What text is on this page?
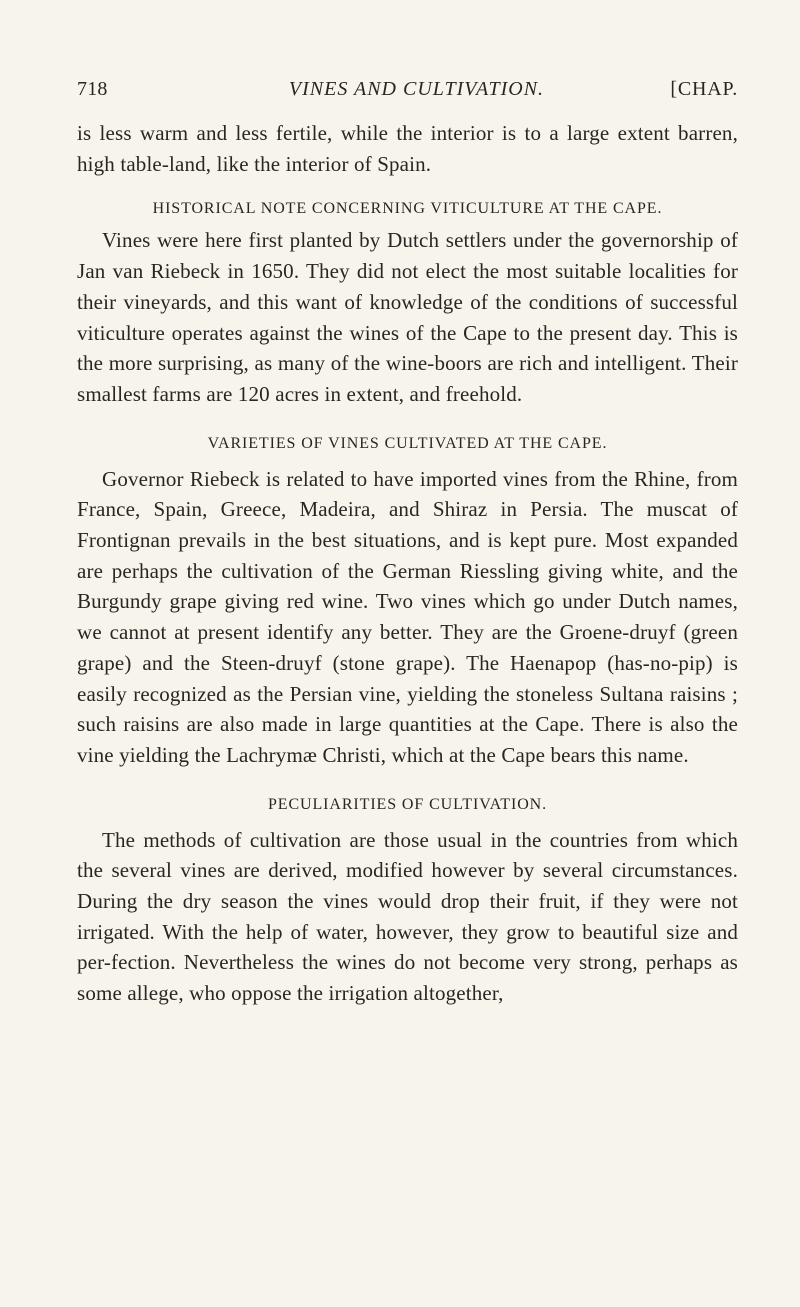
718	VINES AND CULTIVATION.	[CHAP.

is less warm and less fertile, while the interior is to a large extent barren, high table-land, like the interior of Spain.

HISTORICAL NOTE CONCERNING VITICULTURE AT THE CAPE.

Vines were here first planted by Dutch settlers under the governorship of Jan van Riebeck in 1650. They did not elect the most suitable localities for their vineyards, and this want of knowledge of the conditions of successful viticulture operates against the wines of the Cape to the present day. This is the more surprising, as many of the wine-boors are rich and intelligent. Their smallest farms are 120 acres in extent, and freehold.

VARIETIES OF VINES CULTIVATED AT THE CAPE.

Governor Riebeck is related to have imported vines from the Rhine, from France, Spain, Greece, Madeira, and Shiraz in Persia. The muscat of Frontignan prevails in the best situations, and is kept pure. Most expanded are perhaps the cultivation of the German Riessling giving white, and the Burgundy grape giving red wine. Two vines which go under Dutch names, we cannot at present identify any better. They are the Groene-druyf (green grape) and the Steen-druyf (stone grape). The Haenapop (has-no-pip) is easily recognized as the Persian vine, yielding the stoneless Sultana raisins ; such raisins are also made in large quantities at the Cape. There is also the vine yielding the Lachrymæ Christi, which at the Cape bears this name.

PECULIARITIES OF CULTIVATION.

The methods of cultivation are those usual in the countries from which the several vines are derived, modified however by several circumstances. During the dry season the vines would drop their fruit, if they were not irrigated. With the help of water, however, they grow to beautiful size and per-fection. Nevertheless the wines do not become very strong, perhaps as some allege, who oppose the irrigation altogether,
